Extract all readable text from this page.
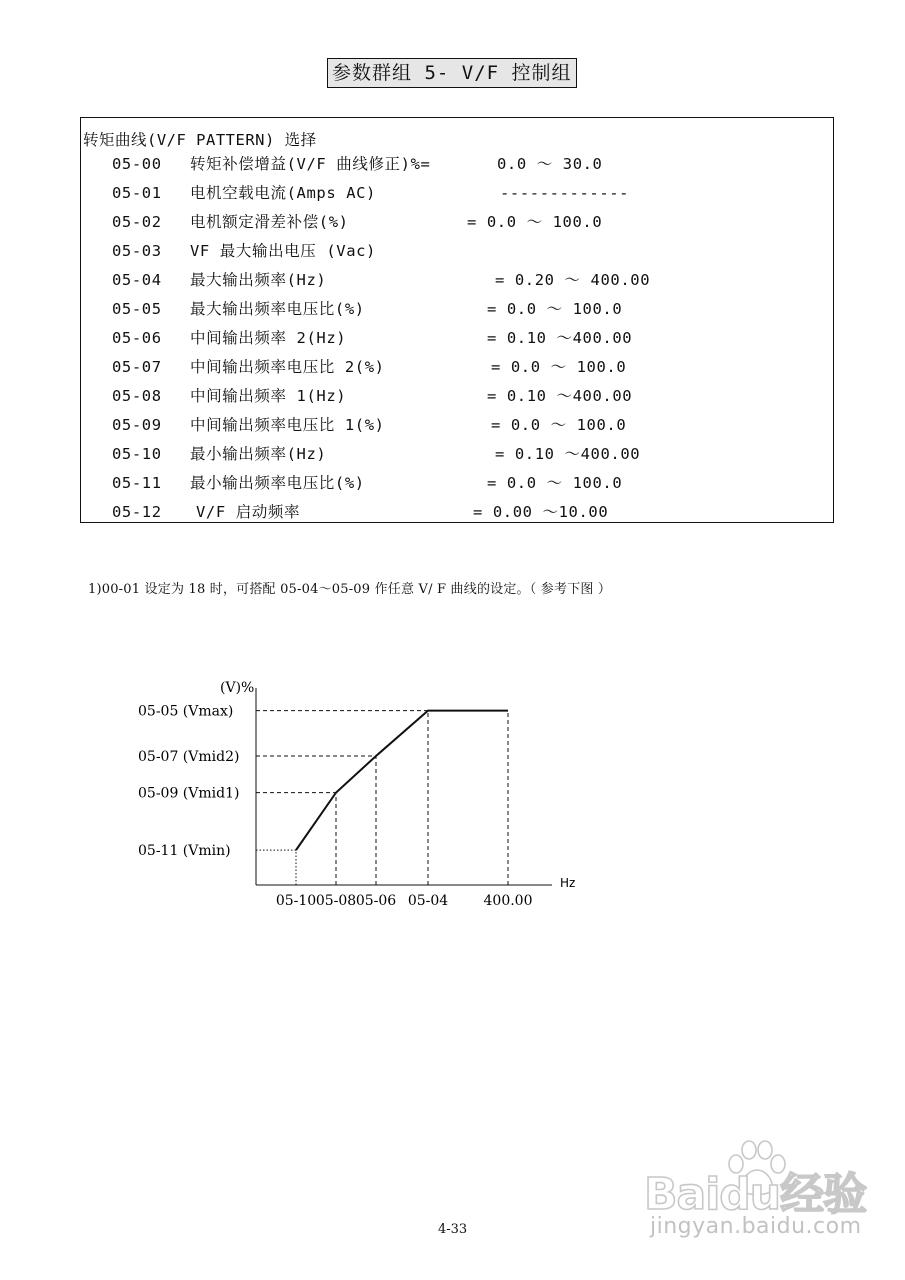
参数群组 5- V/F 控制组
转矩曲线(V/F PATTERN) 选择
05-00 转矩补偿增益(V/F 曲线修正)%=	0.0 ～ 30.0
05-01 电机空载电流(Amps AC)	-------------
05-02 电机额定滑差补偿(%)	= 0.0 ～ 100.0
05-03 VF 最大输出电压 (Vac)
05-04 最大输出频率(Hz)	= 0.20 ～ 400.00
05-05 最大输出频率电压比(%)	= 0.0 ～ 100.0
05-06 中间输出频率 2(Hz)	= 0.10 ～400.00
05-07 中间输出频率电压比 2(%)	= 0.0 ～ 100.0
05-08 中间输出频率 1(Hz)	= 0.10 ～400.00
05-09 中间输出频率电压比 1(%)	= 0.0 ～ 100.0
05-10 最小输出频率(Hz)	= 0.10 ～400.00
05-11 最小输出频率电压比(%)	= 0.0 ～ 100.0
05-12 V/F 启动频率	= 0.00 ～10.00
1)00-01 设定为 18 时，可搭配 05-04～05-09 作任意 V/ F 曲线的设定。（ 参考下图 ）
(V)%
Hz
05-05 (Vmax)
05-07 (Vmid2)
05-09 (Vmid1)
05-11 (Vmin)
05-10 05-08 05-06 05-04	400.00
4-33
Baidu经验
jingyan.baidu.com
